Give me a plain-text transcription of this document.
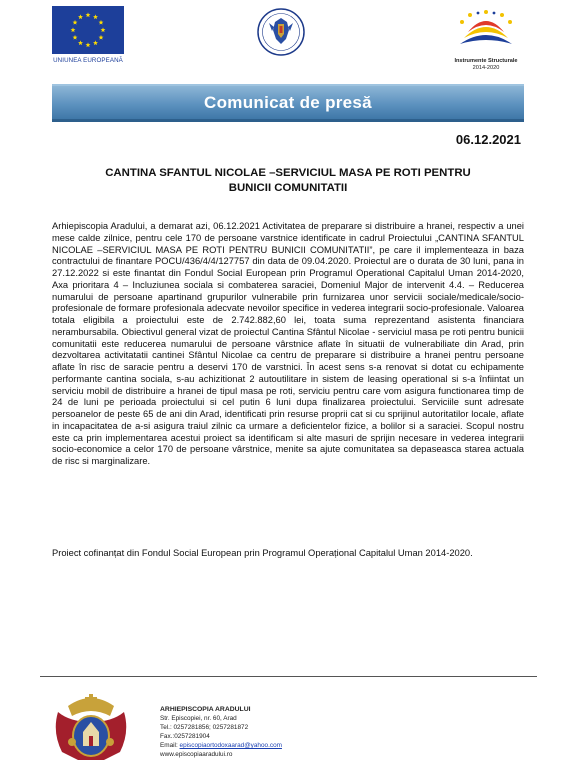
UNIUNEA EUROPEANĂ	Instrumente Structurale
2014-2020
Comunicat de presă
06.12.2021
CANTINA SFANTUL NICOLAE –SERVICIUL MASA PE ROTI PENTRU
BUNICII COMUNITATII

Arhiepiscopia Aradului, a demarat azi, 06.12.2021 Activitatea de preparare si distribuire a hranei, respectiv a unei mese calde zilnice, pentru cele 170 de persoane varstnice identificate in cadrul Proiectului „CANTINA SFANTUL NICOLAE –SERVICIUL MASA PE ROTI PENTRU BUNICII COMUNITATII”, pe care il implementeaza in baza contractului de finantare POCU/436/4/4/127757 din data de 09.04.2020. Proiectul are o durata de 30 luni, pana in 27.12.2022 si este finantat din Fondul Social European prin Programul Operational Capitalul Uman 2014-2020, Axa prioritara 4 – Incluziunea sociala si combaterea saraciei, Domeniul Major de intervenit 4.4. – Reducerea numarului de persoane apartinand grupurilor vulnerabile prin furnizarea unor servicii sociale/medicale/socio-profesionale de formare profesionala adecvate nevoilor specifice in vederea integrarii socio-profesionale. Valoarea totala eligibila a proiectului este de 2.742.882,60 lei, toata suma reprezentand asistenta financiara nerambursabila. Obiectivul general vizat de proiectul Cantina Sfântul Nicolae - serviciul masa pe roti pentru bunicii comunitatii este reducerea numarului de persoane vârstnice aflate în situatii de vulnerabiliate din Arad, prin dezvoltarea activitatatii cantinei Sfântul Nicolae ca centru de preparare si distribuire a hranei pentru persoane aflate în risc de saracie pentru a deservi 170 de varstnici. În acest sens s-a renovat si dotat cu echipamente performante cantina sociala, s-au achizitionat 2 autoutilitare in sistem de leasing operational si s-a înfiintat un serviciu mobil de distribuire a hranei de tipul masa pe roti, serviciu pentru care vom asigura functionarea timp de 24 de luni pe perioada proiectului si cel putin 6 luni dupa finalizarea proiectului. Serviciile sunt adresate persoanelor de peste 65 de ani din Arad, identificati prin resurse proprii cat si cu sprijinul autoritatilor locale, aflate in incapacitatea de a-si asigura traiul zilnic ca urmare a deficientelor fizice, a bolilor si a saraciei. Scopul nostru este ca prin implementarea acestui proiect sa identificam si alte masuri de sprijin necesare in vederea integrarii socio-economice a celor 170 de persoane vârstnice, menite sa ajute comunitatea sa depaseasca starea actuala de risc si marginalizare.

Proiect cofinanțat din Fondul Social European prin Programul Operațional Capitalul Uman 2014-2020.

ARHIEPISCOPIA ARADULUI
Str. Episcopiei, nr. 60, Arad
Tel.: 0257281856; 0257281872
Fax.:0257281904
Email: episcopiaortodoxaarad@yahoo.com
www.episcopiaaradului.ro
